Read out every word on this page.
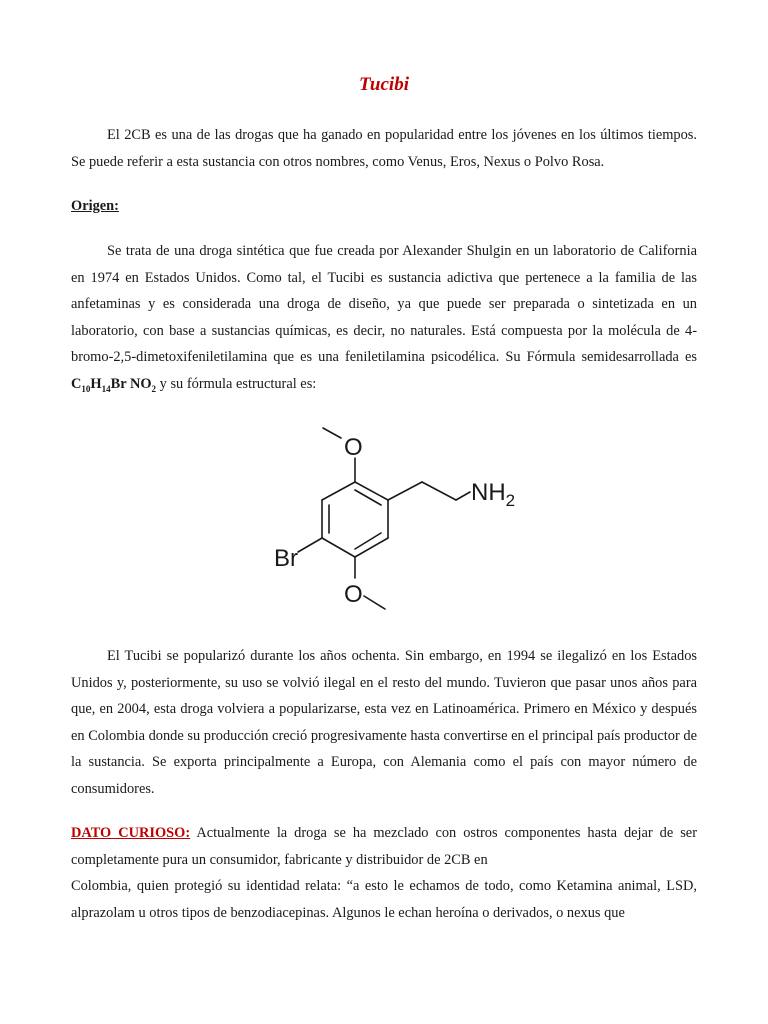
Tucibi

El 2CB es una de las drogas que ha ganado en popularidad entre los jóvenes en los últimos tiempos. Se puede referir a esta sustancia con otros nombres, como Venus, Eros, Nexus o Polvo Rosa.

Origen:

Se trata de una droga sintética que fue creada por Alexander Shulgin en un laboratorio de California en 1974 en Estados Unidos. Como tal, el Tucibi es sustancia adictiva que pertenece a la familia de las anfetaminas y es considerada una droga de diseño, ya que puede ser preparada o sintetizada en un laboratorio, con base a sustancias químicas, es decir, no naturales. Está compuesta por la molécula de 4-bromo-2,5-dimetoxifeniletilamina que es una feniletilamina psicodélica. Su Fórmula semidesarrollada es $C_{10}H_{14}Br$ $NO_2$ y su fórmula estructural es:

O
$NH_2$
Br
O

El Tucibi se popularizó durante los años ochenta. Sin embargo, en 1994 se ilegalizó en los Estados Unidos y, posteriormente, su uso se volvió ilegal en el resto del mundo. Tuvieron que pasar unos años para que, en 2004, esta droga volviera a popularizarse, esta vez en Latinoamérica. Primero en México y después en Colombia donde su producción creció progresivamente hasta convertirse en el principal país productor de la sustancia. Se exporta principalmente a Europa, con Alemania como el país con mayor número de consumidores.

DATO CURIOSO: Actualmente la droga se ha mezclado con ostros componentes hasta dejar de ser completamente pura un consumidor, fabricante y distribuidor de 2CB en
Colombia, quien protegió su identidad relata: “a esto le echamos de todo, como Ketamina animal, LSD, alprazolam u otros tipos de benzodiacepinas. Algunos le echan heroína o derivados, o nexus que
